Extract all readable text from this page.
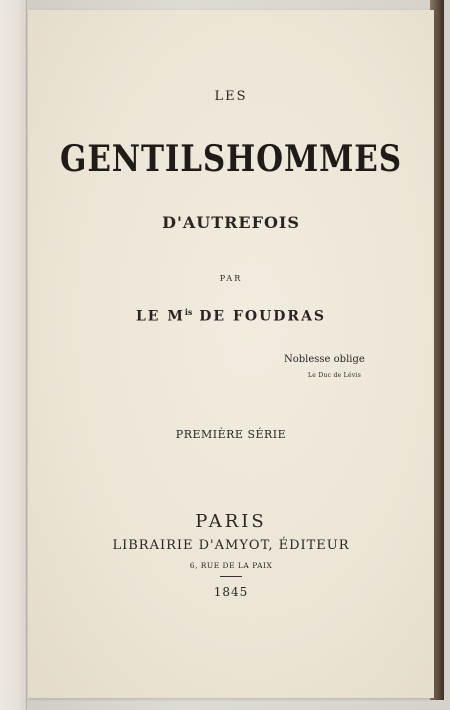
LES
GENTILSHOMMES
D'AUTREFOIS
PAR
LE $M^{is}$ DE FOUDRAS
Noblesse oblige
Le Duc de Lévis
PREMIÈRE SÉRIE
PARIS
LIBRAIRIE D'AMYOT, ÉDITEUR
6, RUE DE LA PAIX
1845
